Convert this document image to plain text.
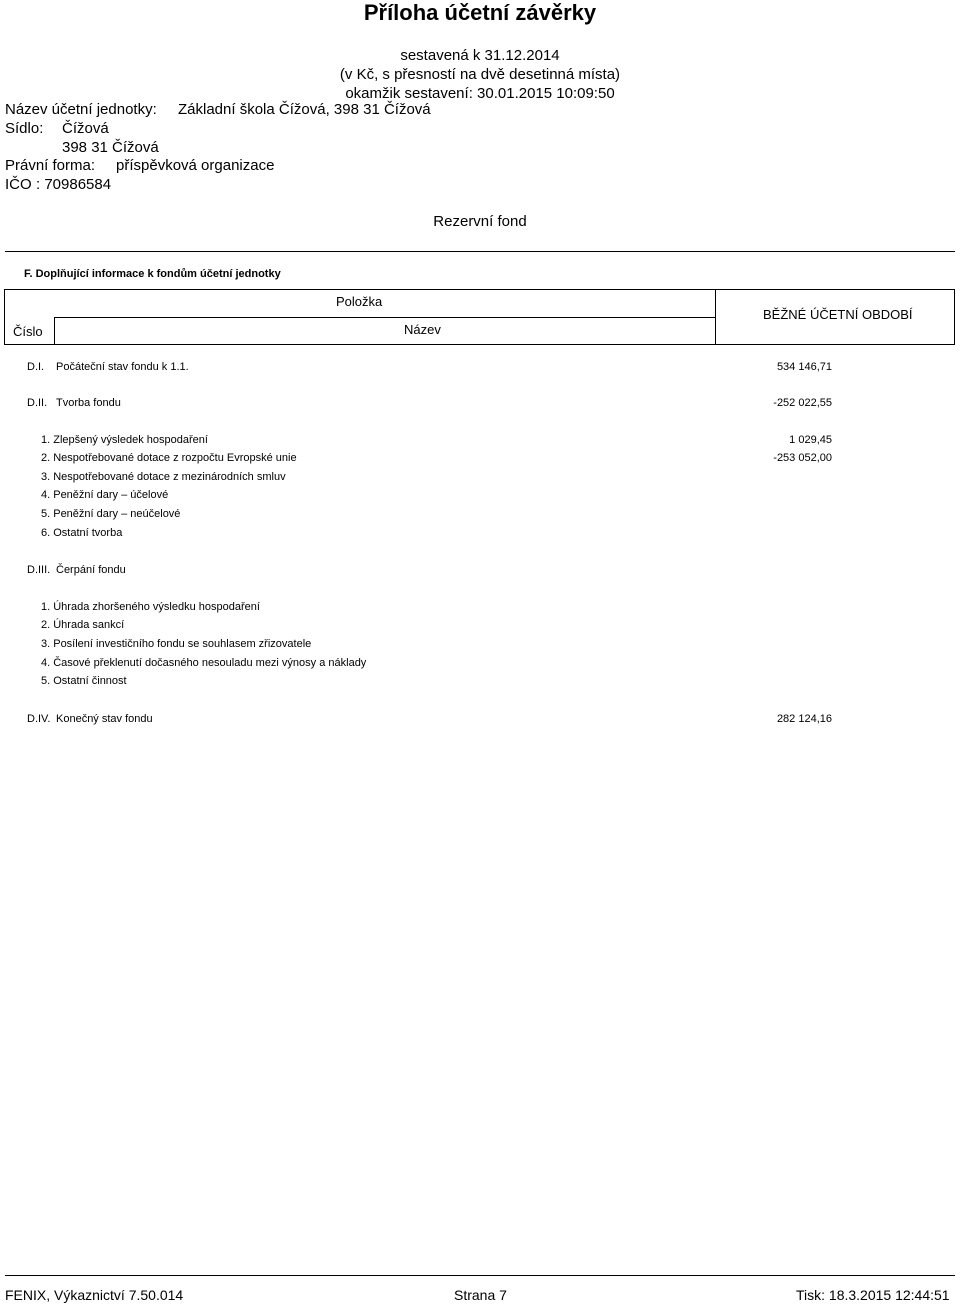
Příloha účetní závěrky
sestavená k 31.12.2014
(v Kč, s přesností na dvě desetinná místa)
okamžik sestavení: 30.01.2015 10:09:50
Název účetní jednotky: Základní škola Čížová, 398 31 Čížová
Sídlo: Čížová
398 31 Čížová
Právní forma: příspěvková organizace
IČO : 70986584
Rezervní fond
F. Doplňující informace k fondům účetní jednotky
Číslo
Položka
Název
BĚŽNÉ ÚČETNÍ OBDOBÍ
D.I. Počáteční stav fondu k 1.1.	534 146,71
D.II. Tvorba fondu	-252 022,55
1. Zlepšený výsledek hospodaření	1 029,45
2. Nespotřebované dotace z rozpočtu Evropské unie	-253 052,00
3. Nespotřebované dotace z mezinárodních smluv
4. Peněžní dary – účelové
5. Peněžní dary – neúčelové
6. Ostatní tvorba
D.III. Čerpání fondu
1. Úhrada zhoršeného výsledku hospodaření
2. Úhrada sankcí
3. Posílení investičního fondu se souhlasem zřizovatele
4. Časové překlenutí dočasného nesouladu mezi výnosy a náklady
5. Ostatní činnost
D.IV. Konečný stav fondu	282 124,16
FENIX, Výkaznictví 7.50.014	Strana 7	Tisk: 18.3.2015 12:44:51
